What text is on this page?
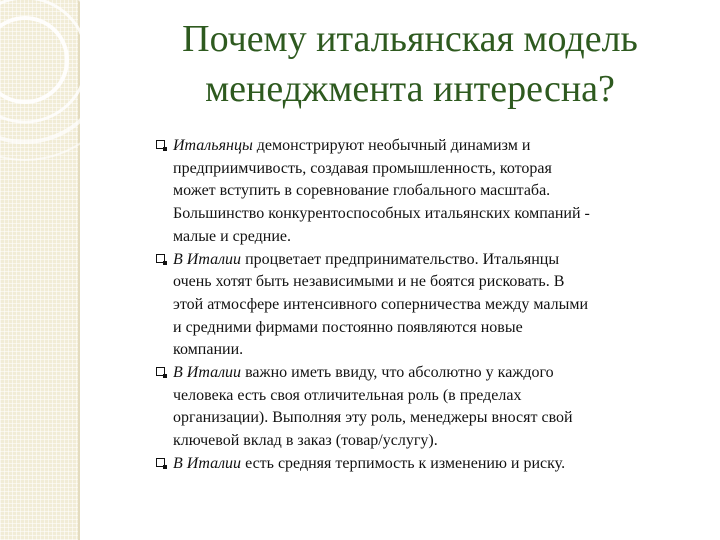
Почему итальянская модель
менеджмента интересна?
Итальянцы демонстрируют необычный динамизм и предприимчивость, создавая промышленность, которая может вступить в соревнование глобального масштаба. Большинство конкурентоспособных итальянских компаний - малые и средние.
В Италии процветает предпринимательство. Итальянцы очень хотят быть независимыми и не боятся рисковать. В этой атмосфере интенсивного соперничества между малыми и средними фирмами постоянно появляются новые компании.
В Италии важно иметь ввиду, что абсолютно у каждого человека есть своя отличительная роль (в пределах организации). Выполняя эту роль, менеджеры вносят свой ключевой вклад в заказ (товар/услугу).
В Италии есть средняя терпимость к изменению и риску.
